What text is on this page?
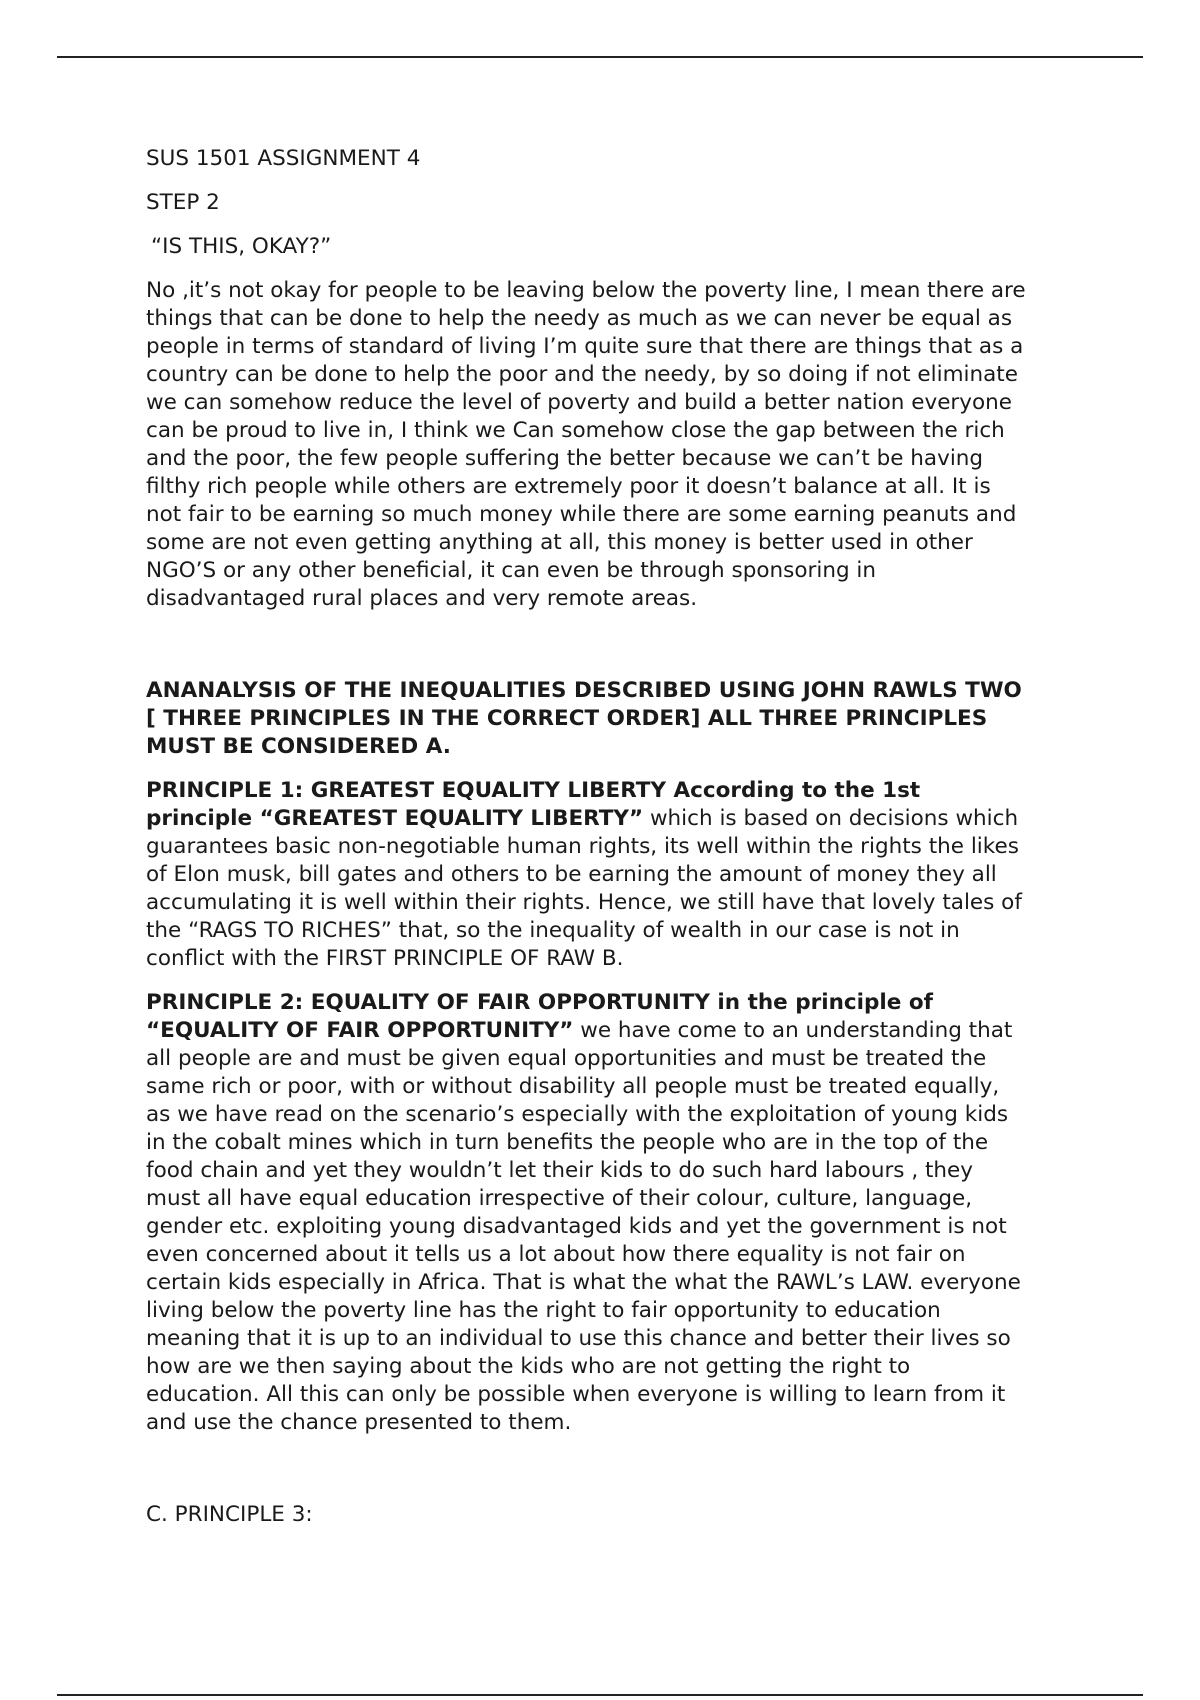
SUS 1501 ASSIGNMENT 4

STEP 2

“IS THIS, OKAY?”

No ,it’s not okay for people to be leaving below the poverty line, I mean there are
things that can be done to help the needy as much as we can never be equal as
people in terms of standard of living I’m quite sure that there are things that as a
country can be done to help the poor and the needy, by so doing if not eliminate
we can somehow reduce the level of poverty and build a better nation everyone
can be proud to live in, I think we Can somehow close the gap between the rich
and the poor, the few people suffering the better because we can’t be having
filthy rich people while others are extremely poor it doesn’t balance at all. It is
not fair to be earning so much money while there are some earning peanuts and
some are not even getting anything at all, this money is better used in other
NGO’S or any other beneficial, it can even be through sponsoring in
disadvantaged rural places and very remote areas.

ANANALYSIS OF THE INEQUALITIES DESCRIBED USING JOHN RAWLS TWO
[ THREE PRINCIPLES IN THE CORRECT ORDER] ALL THREE PRINCIPLES
MUST BE CONSIDERED A.

PRINCIPLE 1: GREATEST EQUALITY LIBERTY According to the 1st
principle “GREATEST EQUALITY LIBERTY” which is based on decisions which
guarantees basic non-negotiable human rights, its well within the rights the likes
of Elon musk, bill gates and others to be earning the amount of money they all
accumulating it is well within their rights. Hence, we still have that lovely tales of
the “RAGS TO RICHES” that, so the inequality of wealth in our case is not in
conflict with the FIRST PRINCIPLE OF RAW B.

PRINCIPLE 2: EQUALITY OF FAIR OPPORTUNITY in the principle of
“EQUALITY OF FAIR OPPORTUNITY” we have come to an understanding that
all people are and must be given equal opportunities and must be treated the
same rich or poor, with or without disability all people must be treated equally,
as we have read on the scenario’s especially with the exploitation of young kids
in the cobalt mines which in turn benefits the people who are in the top of the
food chain and yet they wouldn’t let their kids to do such hard labours , they
must all have equal education irrespective of their colour, culture, language,
gender etc. exploiting young disadvantaged kids and yet the government is not
even concerned about it tells us a lot about how there equality is not fair on
certain kids especially in Africa. That is what the what the RAWL’s LAW. everyone
living below the poverty line has the right to fair opportunity to education
meaning that it is up to an individual to use this chance and better their lives so
how are we then saying about the kids who are not getting the right to
education. All this can only be possible when everyone is willing to learn from it
and use the chance presented to them.

C. PRINCIPLE 3:
